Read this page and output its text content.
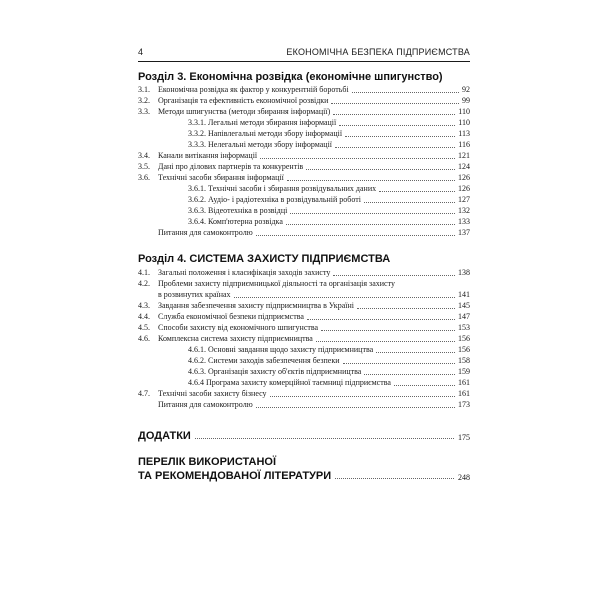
4	ЕКОНОМІЧНА БЕЗПЕКА ПІДПРИЄМСТВА
Розділ 3. Економічна розвідка (економічне шпигунство)
3.1.	Економічна розвідка як фактор у конкурентній боротьбі	92
3.2.	Організація та ефективність економічної розвідки	99
3.3.	Методи шпигунства (методи збирання інформації)	110
3.3.1. Легальні методи збирання інформації	110
3.3.2. Напівлегальні методи збору інформації	113
3.3.3. Нелегальні методи збору інформації	116
3.4.	Канали витікання інформації	121
3.5.	Дані про ділових партнерів та конкурентів	124
3.6.	Технічні засоби збирання інформації	126
3.6.1. Технічні засоби і збирання розвідувальних даних	126
3.6.2. Аудіо- і радіотехніка в розвідувальній роботі	127
3.6.3. Відеотехніка в розвідці	132
3.6.4. Комп'ютерна розвідка	133
Питання для самоконтролю	137
Розділ 4. СИСТЕМА ЗАХИСТУ ПІДПРИЄМСТВА
4.1.	Загальні положення і класифікація заходів захисту	138
4.2.	Проблеми захисту підприємницької діяльності та організація захисту
в розвинутих країнах	141
4.3.	Завдання забезпечення захисту підприємництва в Україні	145
4.4.	Служба економічної безпеки підприємства	147
4.5.	Способи захисту від економічного шпигунства	153
4.6.	Комплексна система захисту підприємництва	156
4.6.1. Основні завдання щодо захисту підприємництва	156
4.6.2. Системи заходів забезпечення безпеки	158
4.6.3. Організація захисту об'єктів підприємництва	159
4.6.4 Програма захисту комерційної таємниці підприємства	161
4.7.	Технічні засоби захисту бізнесу	161
Питання для самоконтролю	173
ДОДАТКИ	175
ПЕРЕЛІК ВИКОРИСТАНОЇ
ТА РЕКОМЕНДОВАНОЇ ЛІТЕРАТУРИ	248
